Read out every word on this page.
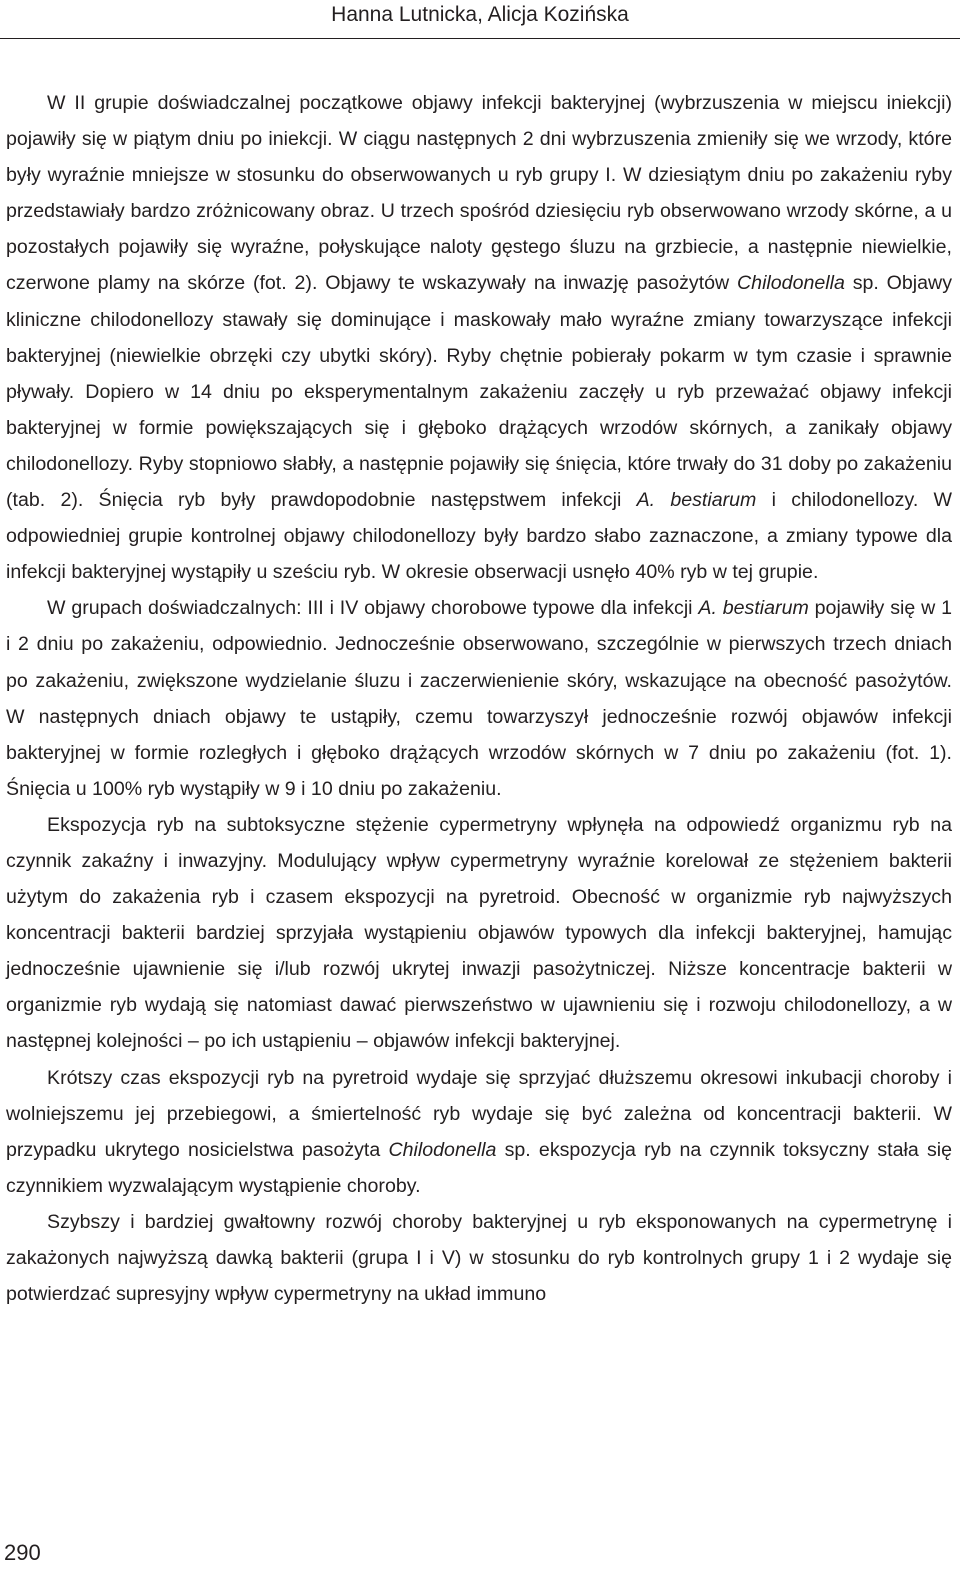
Hanna Lutnicka, Alicja Kozińska

W II grupie doświadczalnej początkowe objawy infekcji bakteryjnej (wybrzuszenia w miejscu iniekcji) pojawiły się w piątym dniu po iniekcji. W ciągu następnych 2 dni wybrzuszenia zmieniły się we wrzody, które były wyraźnie mniejsze w stosunku do obserwowanych u ryb grupy I. W dziesiątym dniu po zakażeniu ryby przedstawiały bardzo zróżnicowany obraz. U trzech spośród dziesięciu ryb obserwowano wrzody skórne, a u pozostałych pojawiły się wyraźne, połyskujące naloty gęstego śluzu na grzbiecie, a następnie niewielkie, czerwone plamy na skórze (fot. 2). Objawy te wskazywały na inwazję pasożytów Chilodonella sp. Objawy kliniczne chilodonellozy stawały się dominujące i maskowały mało wyraźne zmiany towarzyszące infekcji bakteryjnej (niewielkie obrzęki czy ubytki skóry). Ryby chętnie pobierały pokarm w tym czasie i sprawnie pływały. Dopiero w 14 dniu po eksperymentalnym zakażeniu zaczęły u ryb przeważać objawy infekcji bakteryjnej w formie powiększających się i głęboko drążących wrzodów skórnych, a zanikały objawy chilodonellozy. Ryby stopniowo słabły, a następnie pojawiły się śnięcia, które trwały do 31 doby po zakażeniu (tab. 2). Śnięcia ryb były prawdopodobnie następstwem infekcji A. bestiarum i chilodonellozy. W odpowiedniej grupie kontrolnej objawy chilodonellozy były bardzo słabo zaznaczone, a zmiany typowe dla infekcji bakteryjnej wystąpiły u sześciu ryb. W okresie obserwacji usnęło 40% ryb w tej grupie.

W grupach doświadczalnych: III i IV objawy chorobowe typowe dla infekcji A. bestiarum pojawiły się w 1 i 2 dniu po zakażeniu, odpowiednio. Jednocześnie obserwowano, szczególnie w pierwszych trzech dniach po zakażeniu, zwiększone wydzielanie śluzu i zaczerwienienie skóry, wskazujące na obecność pasożytów. W następnych dniach objawy te ustąpiły, czemu towarzyszył jednocześnie rozwój objawów infekcji bakteryjnej w formie rozległych i głęboko drążących wrzodów skórnych w 7 dniu po zakażeniu (fot. 1). Śnięcia u 100% ryb wystąpiły w 9 i 10 dniu po zakażeniu.

Ekspozycja ryb na subtoksyczne stężenie cypermetryny wpłynęła na odpowiedź organizmu ryb na czynnik zakaźny i inwazyjny. Modulujący wpływ cypermetryny wyraźnie korelował ze stężeniem bakterii użytym do zakażenia ryb i czasem ekspozycji na pyretroid. Obecność w organizmie ryb najwyższych koncentracji bakterii bardziej sprzyjała wystąpieniu objawów typowych dla infekcji bakteryjnej, hamując jednocześnie ujawnienie się i/lub rozwój ukrytej inwazji pasożytniczej. Niższe koncentracje bakterii w organizmie ryb wydają się natomiast dawać pierwszeństwo w ujawnieniu się i rozwoju chilodonellozy, a w następnej kolejności – po ich ustąpieniu – objawów infekcji bakteryjnej.

Krótszy czas ekspozycji ryb na pyretroid wydaje się sprzyjać dłuższemu okresowi inkubacji choroby i wolniejszemu jej przebiegowi, a śmiertelność ryb wydaje się być zależna od koncentracji bakterii. W przypadku ukrytego nosicielstwa pasożyta Chilodonella sp. ekspozycja ryb na czynnik toksyczny stała się czynnikiem wyzwalającym wystąpienie choroby.

Szybszy i bardziej gwałtowny rozwój choroby bakteryjnej u ryb eksponowanych na cypermetrynę i zakażonych najwyższą dawką bakterii (grupa I i V) w stosunku do ryb kontrolnych grupy 1 i 2 wydaje się potwierdzać supresyjny wpływ cypermetryny na układ immuno

290
